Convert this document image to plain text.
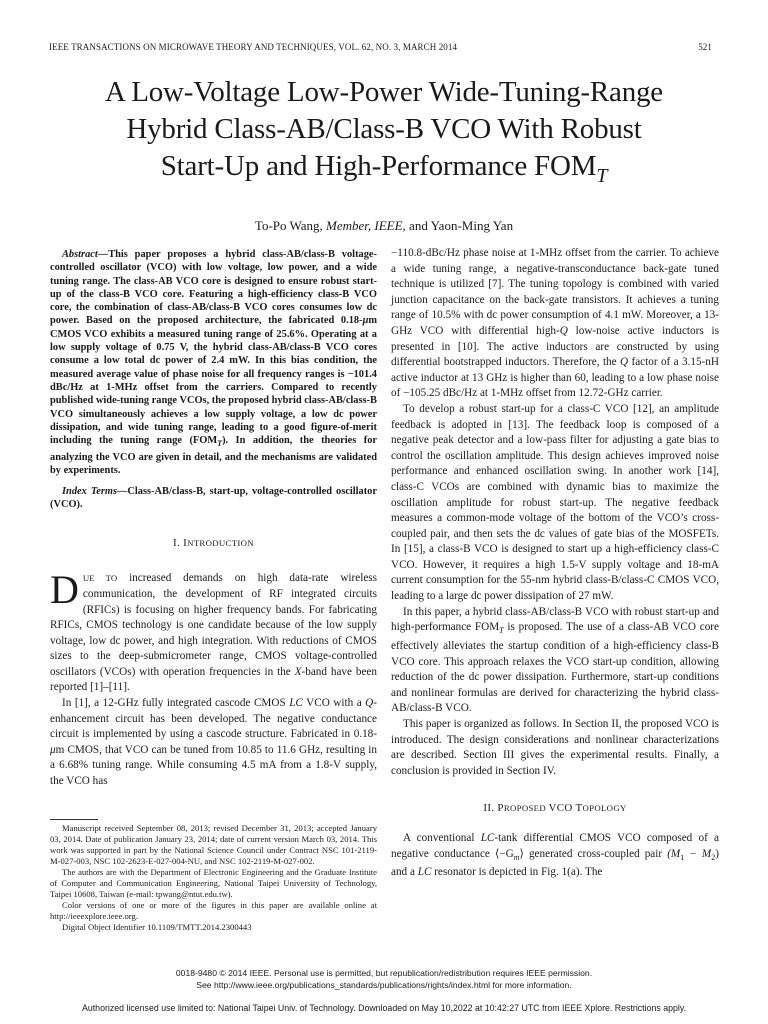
IEEE TRANSACTIONS ON MICROWAVE THEORY AND TECHNIQUES, VOL. 62, NO. 3, MARCH 2014	521
A Low-Voltage Low-Power Wide-Tuning-Range
Hybrid Class-AB/Class-B VCO With Robust
Start-Up and High-Performance $FOM_T$
To-Po Wang, Member, IEEE, and Yaon-Ming Yan

Abstract—This paper proposes a hybrid class-AB/class-B voltage-controlled oscillator (VCO) with low voltage, low power, and a wide tuning range. The class-AB VCO core is designed to ensure robust start-up of the class-B VCO core. Featuring a high-efficiency class-B VCO core, the combination of class-AB/class-B VCO cores consumes low dc power. Based on the proposed architecture, the fabricated 0.18-μm CMOS VCO exhibits a measured tuning range of 25.6%. Operating at a low supply voltage of 0.75 V, the hybrid class-AB/class-B VCO cores consume a low total dc power of 2.4 mW. In this bias condition, the measured average value of phase noise for all frequency ranges is −101.4 dBc/Hz at 1-MHz offset from the carriers. Compared to recently published wide-tuning range VCOs, the proposed hybrid class-AB/class-B VCO simultaneously achieves a low supply voltage, a low dc power dissipation, and wide tuning range, leading to a good figure-of-merit including the tuning range $(FOM_T)$. In addition, the theories for analyzing the VCO are given in detail, and the mechanisms are validated by experiments.

Index Terms—Class-AB/class-B, start-up, voltage-controlled oscillator (VCO).

I. INTRODUCTION

DUE TO increased demands on high data-rate wireless communication, the development of RF integrated circuits (RFICs) is focusing on higher frequency bands. For fabricating RFICs, CMOS technology is one candidate because of the low supply voltage, low dc power, and high integration. With reductions of CMOS sizes to the deep-submicrometer range, CMOS voltage-controlled oscillators (VCOs) with operation frequencies in the X-band have been reported [1]–[11].

In [1], a 12-GHz fully integrated cascode CMOS LC VCO with a Q-enhancement circuit has been developed. The negative conductance circuit is implemented by using a cascode structure. Fabricated in 0.18-μm CMOS, that VCO can be tuned from 10.85 to 11.6 GHz, resulting in a 6.68% tuning range. While consuming 4.5 mA from a 1.8-V supply, the VCO has

Manuscript received September 08, 2013; revised December 31, 2013; accepted January 03, 2014. Date of publication January 23, 2014; date of current version March 03, 2014. This work was supported in part by the National Science Council under Contract NSC 101-2119-M-027-003, NSC 102-2623-E-027-004-NU, and NSC 102-2119-M-027-002.

The authors are with the Department of Electronic Engineering and the Graduate Institute of Computer and Communication Engineering, National Taipei University of Technology, Taipei 10608, Taiwan (e-mail: tpwang@ntut.edu.tw).

Color versions of one or more of the figures in this paper are available online at http://ieeexplore.ieee.org.

Digital Object Identifier 10.1109/TMTT.2014.2300443

−110.8-dBc/Hz phase noise at 1-MHz offset from the carrier. To achieve a wide tuning range, a negative-transconductance back-gate tuned technique is utilized [7]. The tuning topology is combined with varied junction capacitance on the back-gate transistors. It achieves a tuning range of 10.5% with dc power consumption of 4.1 mW. Moreover, a 13-GHz VCO with differential high-Q low-noise active inductors is presented in [10]. The active inductors are constructed by using differential bootstrapped inductors. Therefore, the Q factor of a 3.15-nH active inductor at 13 GHz is higher than 60, leading to a low phase noise of −105.25 dBc/Hz at 1-MHz offset from 12.72-GHz carrier.

To develop a robust start-up for a class-C VCO [12], an amplitude feedback is adopted in [13]. The feedback loop is composed of a negative peak detector and a low-pass filter for adjusting a gate bias to control the oscillation amplitude. This design achieves improved noise performance and enhanced oscillation swing. In another work [14], class-C VCOs are combined with dynamic bias to maximize the oscillation amplitude for robust start-up. The negative feedback measures a common-mode voltage of the bottom of the VCO’s cross-coupled pair, and then sets the dc values of gate bias of the MOSFETs. In [15], a class-B VCO is designed to start up a high-efficiency class-C VCO. However, it requires a high 1.5-V supply voltage and 18-mA current consumption for the 55-nm hybrid class-B/class-C CMOS VCO, leading to a large dc power dissipation of 27 mW.

In this paper, a hybrid class-AB/class-B VCO with robust start-up and high-performance $FOM_T$ is proposed. The use of a class-AB VCO core effectively alleviates the startup condition of a high-efficiency class-B VCO core. This approach relaxes the VCO start-up condition, allowing reduction of the dc power dissipation. Furthermore, start-up conditions and nonlinear formulas are derived for characterizing the hybrid class-AB/class-B VCO.

This paper is organized as follows. In Section II, the proposed VCO is introduced. The design considerations and nonlinear characterizations are described. Section III gives the experimental results. Finally, a conclusion is provided in Section IV.

II. PROPOSED VCO TOPOLOGY

A conventional LC-tank differential CMOS VCO composed of a negative conductance $⟨-G_m⟩$ generated cross-coupled pair $(M_1 - M_2)$ and a LC resonator is depicted in Fig. 1(a). The

0018-9480 © 2014 IEEE. Personal use is permitted, but republication/redistribution requires IEEE permission.
See http://www.ieee.org/publications_standards/publications/rights/index.html for more information.
Authorized licensed use limited to: National Taipei Univ. of Technology. Downloaded on May 10,2022 at 10:42:27 UTC from IEEE Xplore. Restrictions apply.
